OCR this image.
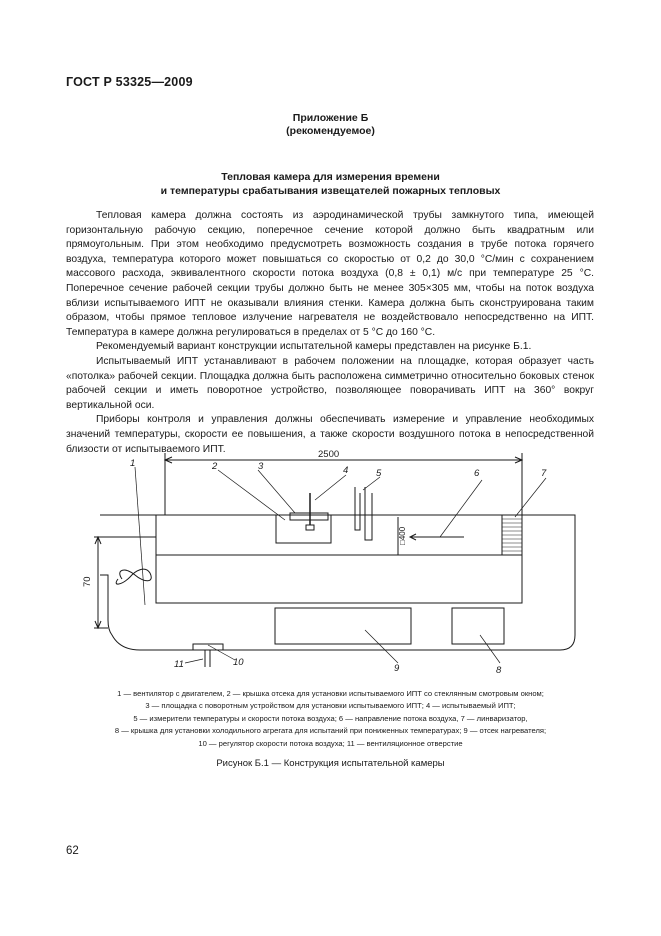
ГОСТ Р 53325—2009
Приложение Б
(рекомендуемое)
Тепловая камера для измерения времени
и температуры срабатывания извещателей пожарных тепловых

Тепловая камера должна состоять из аэродинамической трубы замкнутого типа, имеющей горизонтальную рабочую секцию, поперечное сечение которой должно быть квадратным или прямоугольным. При этом необходимо предусмотреть возможность создания в трубе потока горячего воздуха, температура которого может повышаться со скоростью от 0,2 до 30,0 °С/мин с сохранением массового расхода, эквивалентного скорости потока воздуха (0,8 ± 0,1) м/с при температуре 25 °С. Поперечное сечение рабочей секции трубы должно быть не менее 305×305 мм, чтобы на поток воздуха вблизи испытываемого ИПТ не оказывали влияния стенки. Камера должна быть сконструирована таким образом, чтобы прямое тепловое излучение нагревателя не воздействовало непосредственно на ИПТ. Температура в камере должна регулироваться в пределах от 5 °С до 160 °С.

Рекомендуемый вариант конструкции испытательной камеры представлен на рисунке Б.1.

Испытываемый ИПТ устанавливают в рабочем положении на площадке, которая образует часть «потолка» рабочей секции. Площадка должна быть расположена симметрично относительно боковых стенок рабочей секции и иметь поворотное устройство, позволяющее поворачивать ИПТ на 360° вокруг вертикальной оси.

Приборы контроля и управления должны обеспечивать измерение и управление необходимых значений температуры, скорости ее повышения, а также скорости воздушного потока в непосредственной близости от испытываемого ИПТ.	2500
70
□400
1	2	3	4	5	6	7
8
9
10
11
1 — вентилятор с двигателем, 2 — крышка отсека для установки испытываемого ИПТ со стеклянным смотровым окном;
3 — площадка с поворотным устройством для установки испытываемого ИПТ; 4 — испытываемый ИПТ;
5 — измерители температуры и скорости потока воздуха; 6 — направление потока воздуха, 7 — линваризатор,
8 — крышка для установки холодильного агрегата для испытаний при пониженных температурах; 9 — отсек нагревателя;
10 — регулятор скорости потока воздуха; 11 — вентиляционное отверстие
Рисунок Б.1 — Конструкция испытательной камеры
62
